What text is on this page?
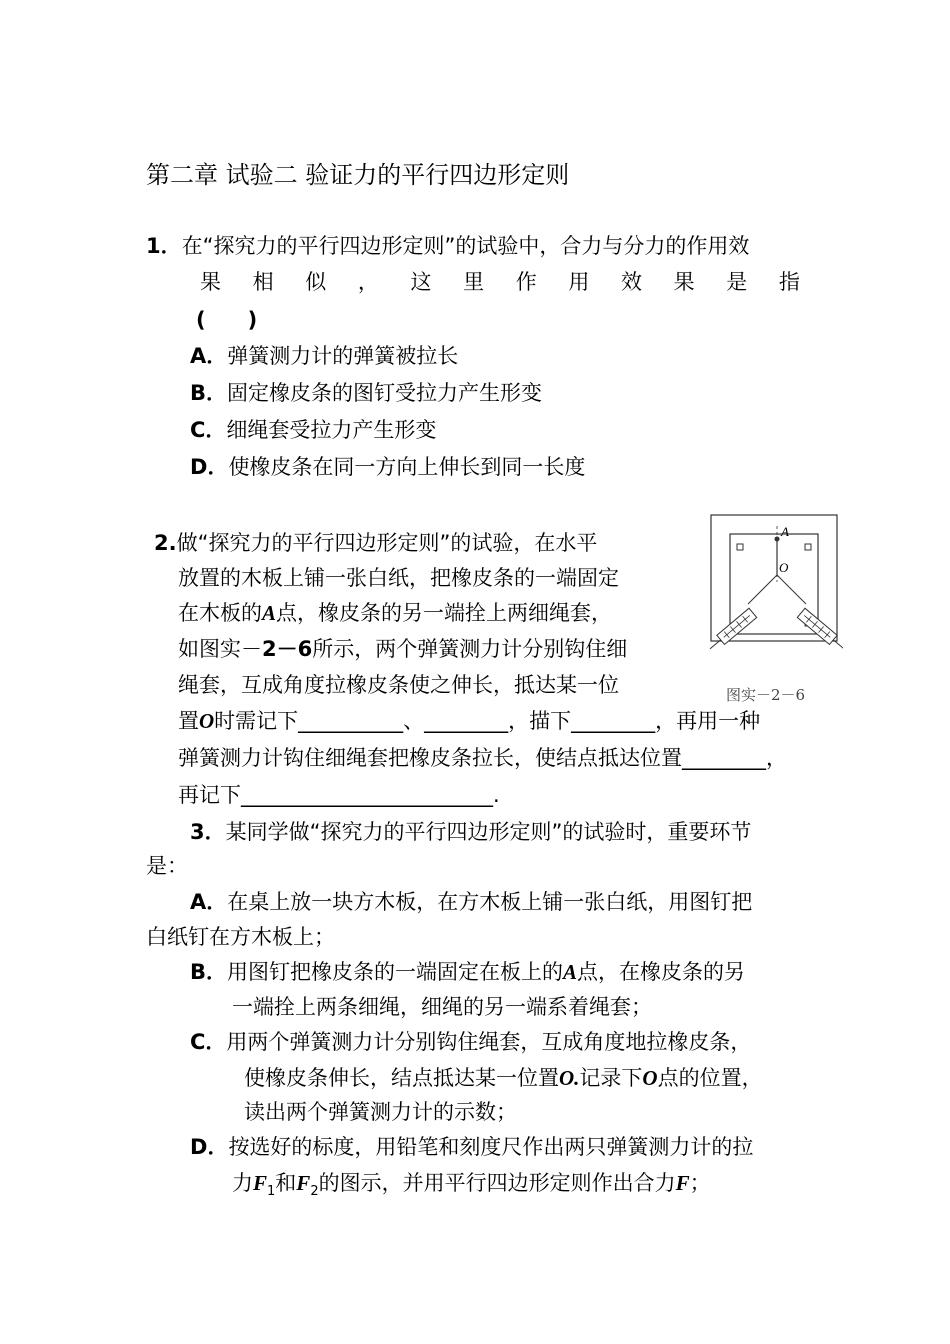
第二章 试验二 验证力的平行四边形定则
1．在“探究力的平行四边形定则”的试验中，合力与分力的作用效
果 相 似 ， 这 里 作 用 效 果 是 指
(　　)
A．弹簧测力计的弹簧被拉长
B．固定橡皮条的图钉受拉力产生形变
C．细绳套受拉力产生形变
D．使橡皮条在同一方向上伸长到同一长度
2.做“探究力的平行四边形定则”的试验，在水平
放置的木板上铺一张白纸，把橡皮条的一端固定
在木板的A点，橡皮条的另一端拴上两细绳套，
如图实－2－6所示，两个弹簧测力计分别钩住细
绳套，互成角度拉橡皮条使之伸长，抵达某一位
置O时需记下__________、________，描下________，再用一种
弹簧测力计钩住细绳套把橡皮条拉长，使结点抵达位置________，
再记下________________________.
A
O
图实－2－6
3．某同学做“探究力的平行四边形定则”的试验时，重要环节
是：
A．在桌上放一块方木板，在方木板上铺一张白纸，用图钉把
白纸钉在方木板上；
B．用图钉把橡皮条的一端固定在板上的A点，在橡皮条的另
一端拴上两条细绳，细绳的另一端系着绳套；
C．用两个弹簧测力计分别钩住绳套，互成角度地拉橡皮条，
使橡皮条伸长，结点抵达某一位置O.记录下O点的位置，
读出两个弹簧测力计的示数；
D．按选好的标度，用铅笔和刻度尺作出两只弹簧测力计的拉
力$F_1$和$F_2$的图示，并用平行四边形定则作出合力F；
